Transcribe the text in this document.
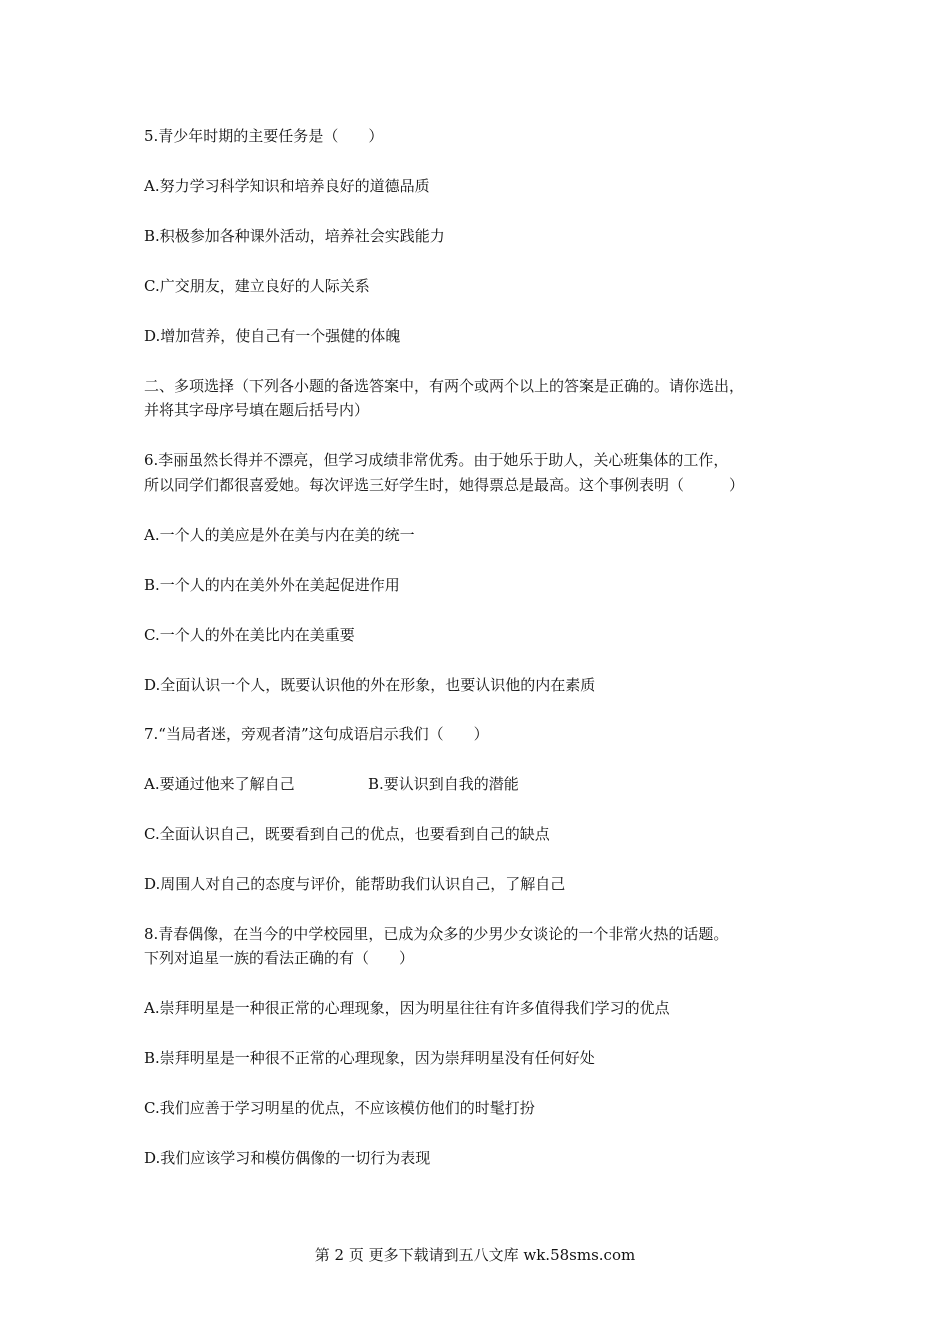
5.青少年时期的主要任务是（　　）
A.努力学习科学知识和培养良好的道德品质
B.积极参加各种课外活动，培养社会实践能力
C.广交朋友，建立良好的人际关系
D.增加营养，使自己有一个强健的体魄
二、多项选择（下列各小题的备选答案中，有两个或两个以上的答案是正确的。请你选出，
并将其字母序号填在题后括号内）
6.李丽虽然长得并不漂亮，但学习成绩非常优秀。由于她乐于助人，关心班集体的工作，
所以同学们都很喜爱她。每次评选三好学生时，她得票总是最高。这个事例表明（　　　）
A.一个人的美应是外在美与内在美的统一
B.一个人的内在美外外在美起促进作用
C.一个人的外在美比内在美重要
D.全面认识一个人，既要认识他的外在形象，也要认识他的内在素质
7.“当局者迷，旁观者清”这句成语启示我们（　　）
A.要通过他来了解自己	B.要认识到自我的潜能
C.全面认识自己，既要看到自己的优点，也要看到自己的缺点
D.周围人对自己的态度与评价，能帮助我们认识自己，了解自己
8.青春偶像，在当今的中学校园里，已成为众多的少男少女谈论的一个非常火热的话题。
下列对追星一族的看法正确的有（　　）
A.崇拜明星是一种很正常的心理现象，因为明星往往有许多值得我们学习的优点
B.崇拜明星是一种很不正常的心理现象，因为崇拜明星没有任何好处
C.我们应善于学习明星的优点，不应该模仿他们的时髦打扮
D.我们应该学习和模仿偶像的一切行为表现
第 2 页 更多下载请到五八文库 wk.58sms.com
